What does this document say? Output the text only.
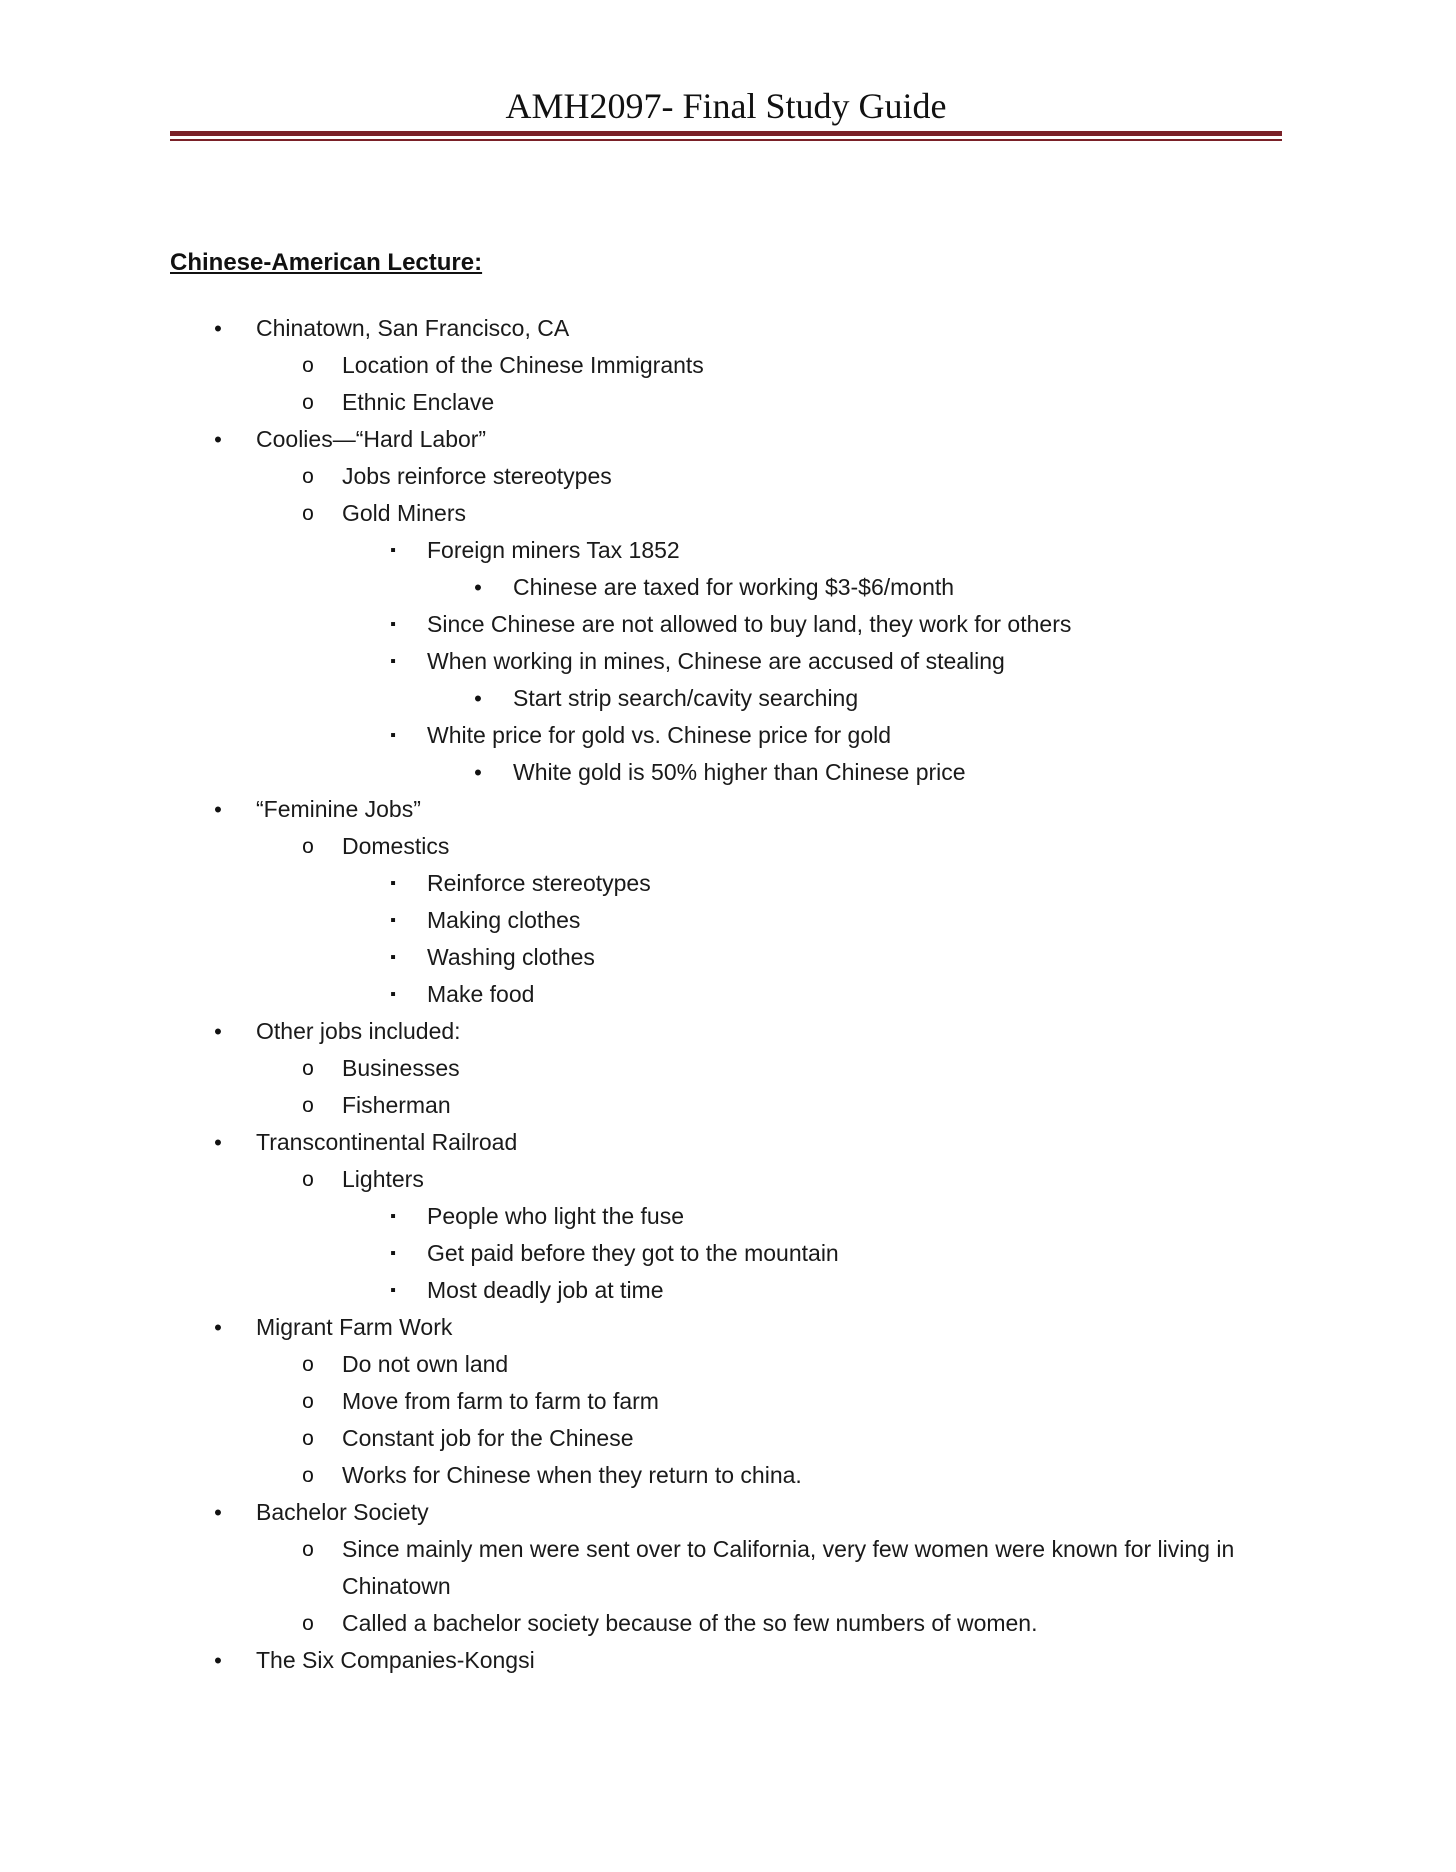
AMH2097- Final Study Guide
Chinese-American Lecture:
•	Chinatown, San Francisco, CA
o	Location of the Chinese Immigrants
o	Ethnic Enclave
•	Coolies—“Hard Labor”
o	Jobs reinforce stereotypes
o	Gold Miners
▪	Foreign miners Tax 1852
•	Chinese are taxed for working $3-$6/month
▪	Since Chinese are not allowed to buy land, they work for others
▪	When working in mines, Chinese are accused of stealing
•	Start strip search/cavity searching
▪	White price for gold vs. Chinese price for gold
•	White gold is 50% higher than Chinese price
•	“Feminine Jobs”
o	Domestics
▪	Reinforce stereotypes
▪	Making clothes
▪	Washing clothes
▪	Make food
•	Other jobs included:
o	Businesses
o	Fisherman
•	Transcontinental Railroad
o	Lighters
▪	People who light the fuse
▪	Get paid before they got to the mountain
▪	Most deadly job at time
•	Migrant Farm Work
o	Do not own land
o	Move from farm to farm to farm
o	Constant job for the Chinese
o	Works for Chinese when they return to china.
•	Bachelor Society
o	Since mainly men were sent over to California, very few women were known for living in Chinatown
o	Called a bachelor society because of the so few numbers of women.
•	The Six Companies-Kongsi
